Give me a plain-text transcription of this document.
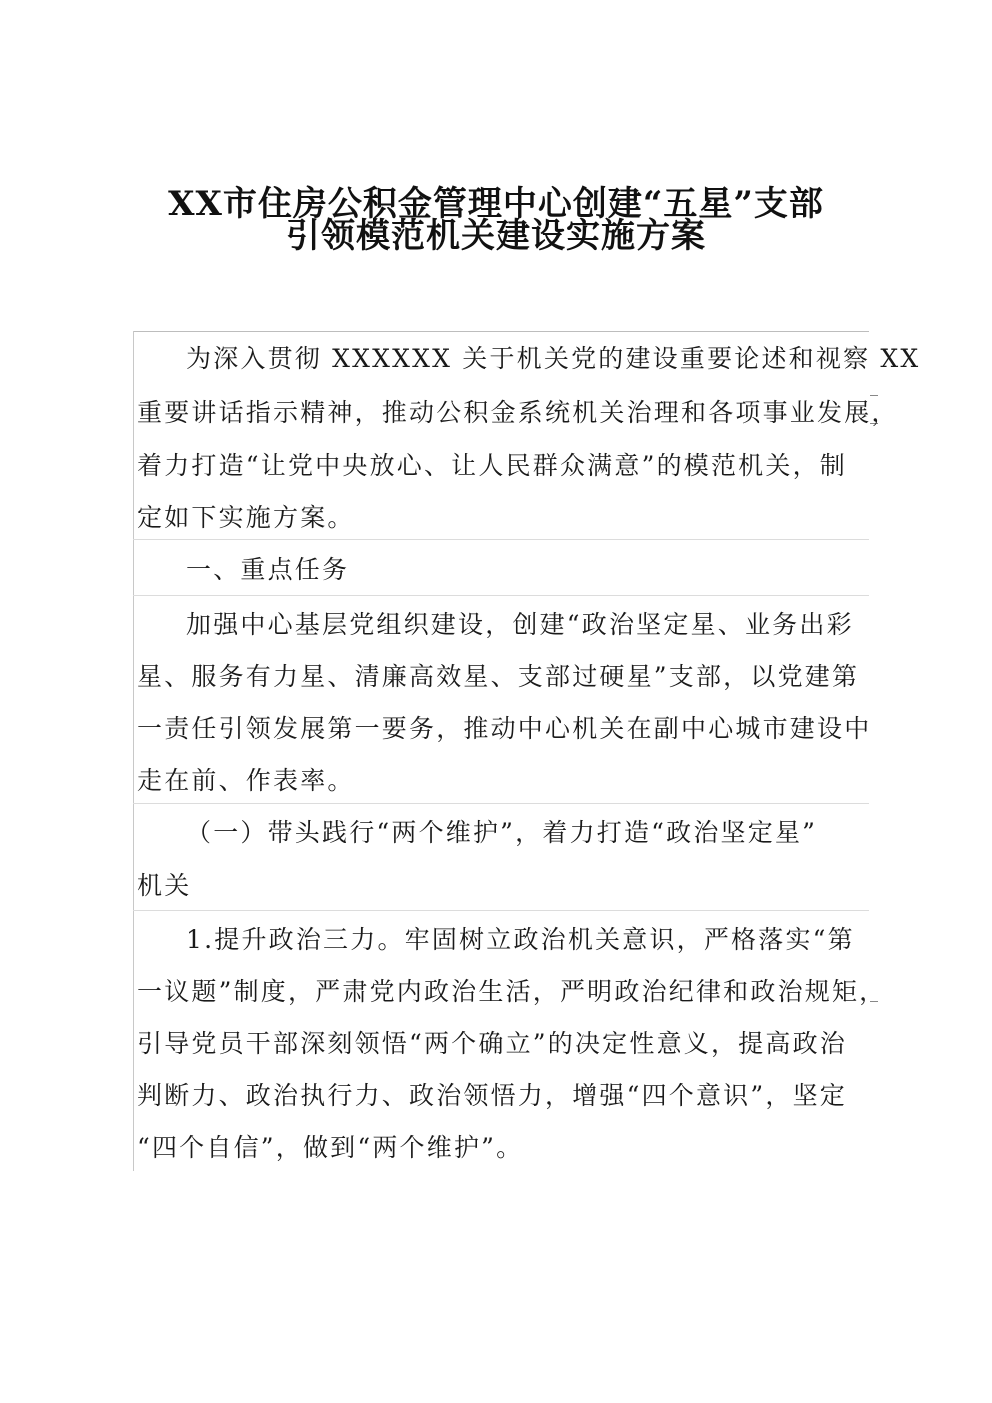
XX市住房公积金管理中心创建“五星”支部
引领模范机关建设实施方案
为深入贯彻 XXXXXX 关于机关党的建设重要论述和视察 XX
重要讲话指示精神，推动公积金系统机关治理和各项事业发展，
着力打造“让党中央放心、让人民群众满意”的模范机关，制
定如下实施方案。
一、重点任务
加强中心基层党组织建设，创建“政治坚定星、业务出彩
星、服务有力星、清廉高效星、支部过硬星”支部，以党建第
一责任引领发展第一要务，推动中心机关在副中心城市建设中
走在前、作表率。
（一）带头践行“两个维护”，着力打造“政治坚定星”
机关
1.提升政治三力。牢固树立政治机关意识，严格落实“第
一议题”制度，严肃党内政治生活，严明政治纪律和政治规矩，
引导党员干部深刻领悟“两个确立”的决定性意义，提高政治
判断力、政治执行力、政治领悟力，增强“四个意识”，坚定
“四个自信”，做到“两个维护”。
